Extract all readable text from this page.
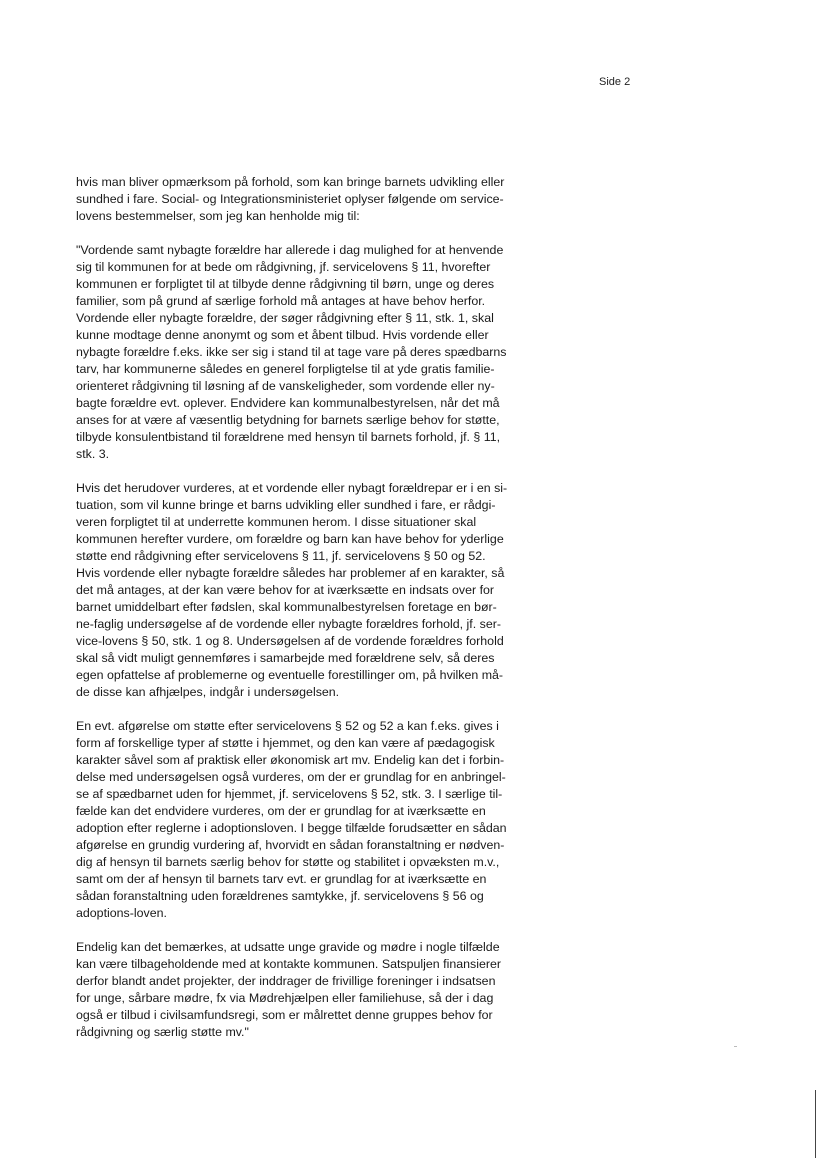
Side 2

hvis man bliver opmærksom på forhold, som kan bringe barnets udvikling eller
sundhed i fare. Social- og Integrationsministeriet oplyser følgende om service-
lovens bestemmelser, som jeg kan henholde mig til:

"Vordende samt nybagte forældre har allerede i dag mulighed for at henvende
sig til kommunen for at bede om rådgivning, jf. servicelovens § 11, hvorefter
kommunen er forpligtet til at tilbyde denne rådgivning til børn, unge og deres
familier, som på grund af særlige forhold må antages at have behov herfor.
Vordende eller nybagte forældre, der søger rådgivning efter § 11, stk. 1, skal
kunne modtage denne anonymt og som et åbent tilbud. Hvis vordende eller
nybagte forældre f.eks. ikke ser sig i stand til at tage vare på deres spædbarns
tarv, har kommunerne således en generel forpligtelse til at yde gratis familie-
orienteret rådgivning til løsning af de vanskeligheder, som vordende eller ny-
bagte forældre evt. oplever. Endvidere kan kommunalbestyrelsen, når det må
anses for at være af væsentlig betydning for barnets særlige behov for støtte,
tilbyde konsulentbistand til forældrene med hensyn til barnets forhold, jf. § 11,
stk. 3.

Hvis det herudover vurderes, at et vordende eller nybagt forældrepar er i en si-
tuation, som vil kunne bringe et barns udvikling eller sundhed i fare, er rådgi-
veren forpligtet til at underrette kommunen herom. I disse situationer skal
kommunen herefter vurdere, om forældre og barn kan have behov for yderlige
støtte end rådgivning efter servicelovens § 11, jf. servicelovens § 50 og 52.
Hvis vordende eller nybagte forældre således har problemer af en karakter, så
det må antages, at der kan være behov for at iværksætte en indsats over for
barnet umiddelbart efter fødslen, skal kommunalbestyrelsen foretage en bør-
ne-faglig undersøgelse af de vordende eller nybagte forældres forhold, jf. ser-
vice-lovens § 50, stk. 1 og 8. Undersøgelsen af de vordende forældres forhold
skal så vidt muligt gennemføres i samarbejde med forældrene selv, så deres
egen opfattelse af problemerne og eventuelle forestillinger om, på hvilken må-
de disse kan afhjælpes, indgår i undersøgelsen.

En evt. afgørelse om støtte efter servicelovens § 52 og 52 a kan f.eks. gives i
form af forskellige typer af støtte i hjemmet, og den kan være af pædagogisk
karakter såvel som af praktisk eller økonomisk art mv. Endelig kan det i forbin-
delse med undersøgelsen også vurderes, om der er grundlag for en anbringel-
se af spædbarnet uden for hjemmet, jf. servicelovens § 52, stk. 3. I særlige til-
fælde kan det endvidere vurderes, om der er grundlag for at iværksætte en
adoption efter reglerne i adoptionsloven. I begge tilfælde forudsætter en sådan
afgørelse en grundig vurdering af, hvorvidt en sådan foranstaltning er nødven-
dig af hensyn til barnets særlig behov for støtte og stabilitet i opvæksten m.v.,
samt om der af hensyn til barnets tarv evt. er grundlag for at iværksætte en
sådan foranstaltning uden forældrenes samtykke, jf. servicelovens § 56 og
adoptions-loven.

Endelig kan det bemærkes, at udsatte unge gravide og mødre i nogle tilfælde
kan være tilbageholdende med at kontakte kommunen. Satspuljen finansierer
derfor blandt andet projekter, der inddrager de frivillige foreninger i indsatsen
for unge, sårbare mødre, fx via Mødrehjælpen eller familiehuse, så der i dag
også er tilbud i civilsamfundsregi, som er målrettet denne gruppes behov for
rådgivning og særlig støtte mv."
